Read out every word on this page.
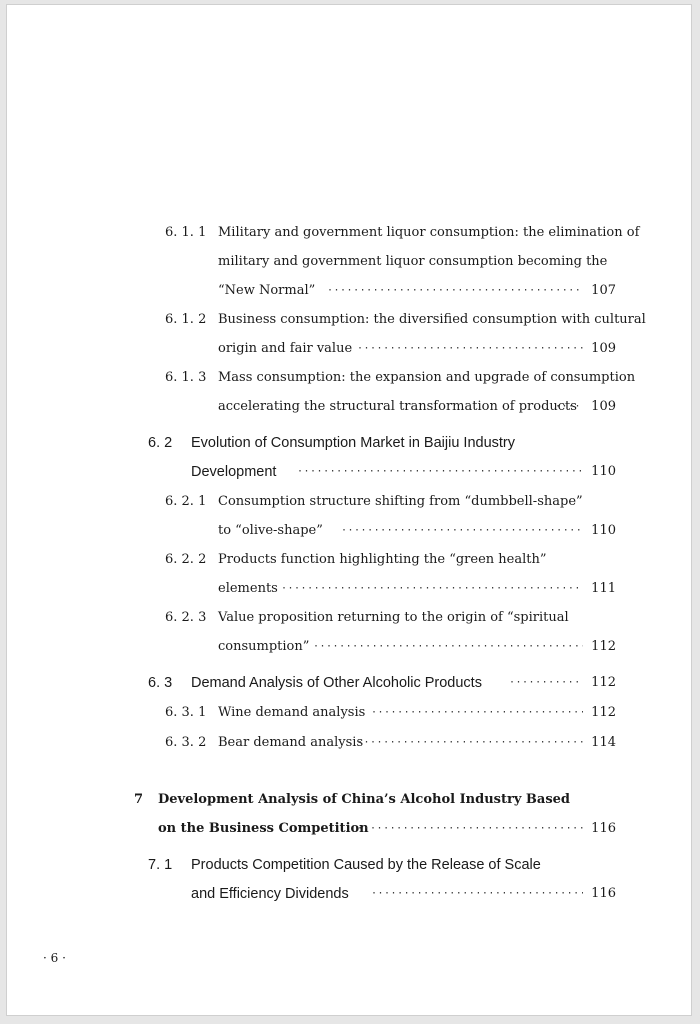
6. 1. 1 Military and government liquor consumption: the elimination of
military and government liquor consumption becoming the
“New Normal” ·····	107
6. 1. 2 Business consumption: the diversified consumption with cultural
origin and fair value ·····	109
6. 1. 3 Mass consumption: the expansion and upgrade of consumption
accelerating the structural transformation of products ·····	109
6. 2 Evolution of Consumption Market in Baijiu Industry
Development ·····	110
6. 2. 1 Consumption structure shifting from “dumbbell-shape”
to “olive-shape” ·····	110
6. 2. 2 Products function highlighting the “green health”
elements ·····	111
6. 2. 3 Value proposition returning to the origin of “spiritual
consumption” ·····	112
6. 3 Demand Analysis of Other Alcoholic Products ·····	112
6. 3. 1 Wine demand analysis ·····	112
6. 3. 2 Bear demand analysis ·····	114
7 Development Analysis of China’s Alcohol Industry Based
on the Business Competition ·····	116
7. 1 Products Competition Caused by the Release of Scale
and Efficiency Dividends ·····	116
· 6 ·
